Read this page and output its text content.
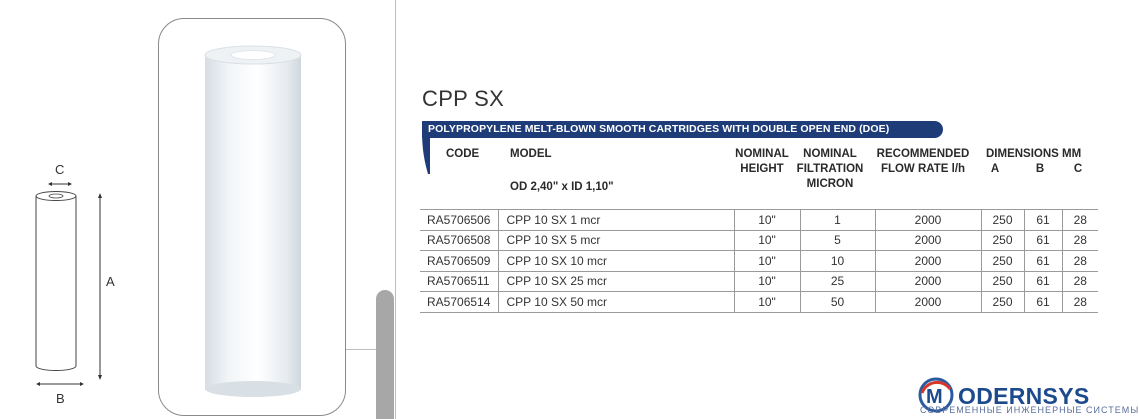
C
A
B
CPP SX
POLYPROPYLENE MELT-BLOWN SMOOTH CARTRIDGES WITH DOUBLE OPEN END (DOE)
CODE	MODEL
OD 2,40" x ID 1,10"
NOMINAL
HEIGHT
NOMINAL
FILTRATION
MICRON
RECOMMENDED
FLOW RATE l/h
DIMENSIONS MM
A	B	C
RA5706506	CPP 10 SX 1 mcr	10"	1	2000	250	61	28
RA5706508	CPP 10 SX 5 mcr	10"	5	2000	250	61	28
RA5706509	CPP 10 SX 10 mcr	10"	10	2000	250	61	28
RA5706511	CPP 10 SX 25 mcr	10"	25	2000	250	61	28
RA5706514	CPP 10 SX 50 mcr	10"	50	2000	250	61	28
M ODERNSYS
СОВРЕМЕННЫЕ ИНЖЕНЕРНЫЕ СИСТЕМЫ
